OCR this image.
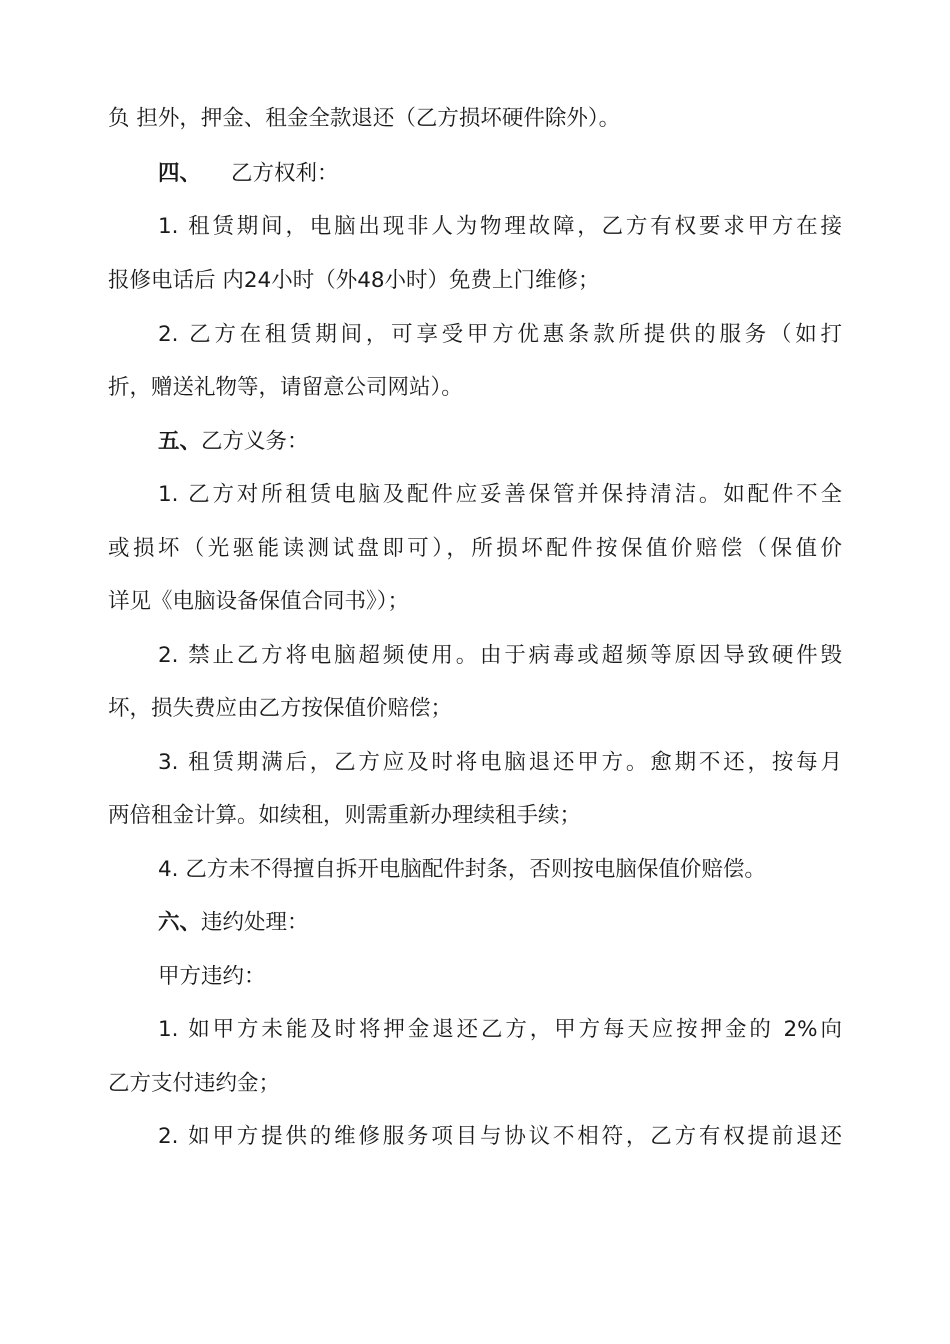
负 担外，押金、租金全款退还（乙方损坏硬件除外）。
四、 乙方权利：
1. 租赁期间，电脑出现非人为物理故障，乙方有权要求甲方在接
报修电话后 内24小时（外48小时）免费上门维修；
2. 乙方在租赁期间，可享受甲方优惠条款所提供的服务（如打
折，赠送礼物等，请留意公司网站）。
五、乙方义务：
1. 乙方对所租赁电脑及配件应妥善保管并保持清洁。如配件不全
或损坏（光驱能读测试盘即可），所损坏配件按保值价赔偿（保值价
详见《电脑设备保值合同书》）；
2. 禁止乙方将电脑超频使用。由于病毒或超频等原因导致硬件毁
坏，损失费应由乙方按保值价赔偿；
3. 租赁期满后，乙方应及时将电脑退还甲方。愈期不还，按每月
两倍租金计算。如续租，则需重新办理续租手续；
4. 乙方未不得擅自拆开电脑配件封条，否则按电脑保值价赔偿。
六、违约处理：
甲方违约：
1. 如甲方未能及时将押金退还乙方，甲方每天应按押金的 2%向
乙方支付违约金；
2. 如甲方提供的维修服务项目与协议不相符，乙方有权提前退还
